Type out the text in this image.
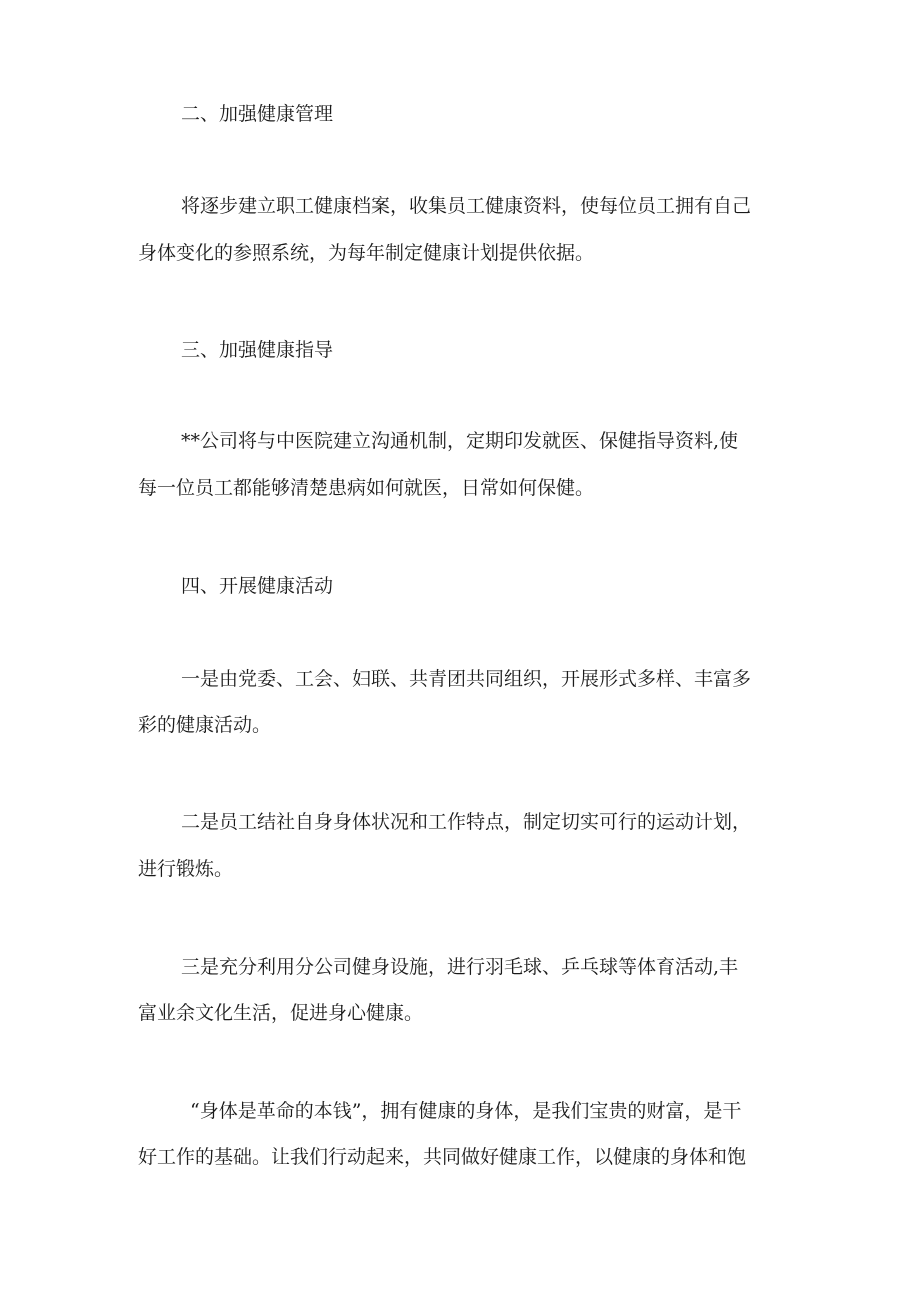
二、加强健康管理
将逐步建立职工健康档案，收集员工健康资料，使每位员工拥有自己
身体变化的参照系统，为每年制定健康计划提供依据。
三、加强健康指导
**公司将与中医院建立沟通机制，定期印发就医、保健指导资料,使
每一位员工都能够清楚患病如何就医，日常如何保健。
四、开展健康活动
一是由党委、工会、妇联、共青团共同组织，开展形式多样、丰富多
彩的健康活动。
二是员工结社自身身体状况和工作特点，制定切实可行的运动计划，
进行锻炼。
三是充分利用分公司健身设施，进行羽毛球、乒乓球等体育活动,丰
富业余文化生活，促进身心健康。
“身体是革命的本钱”，拥有健康的身体，是我们宝贵的财富，是干
好工作的基础。让我们行动起来，共同做好健康工作，以健康的身体和饱
